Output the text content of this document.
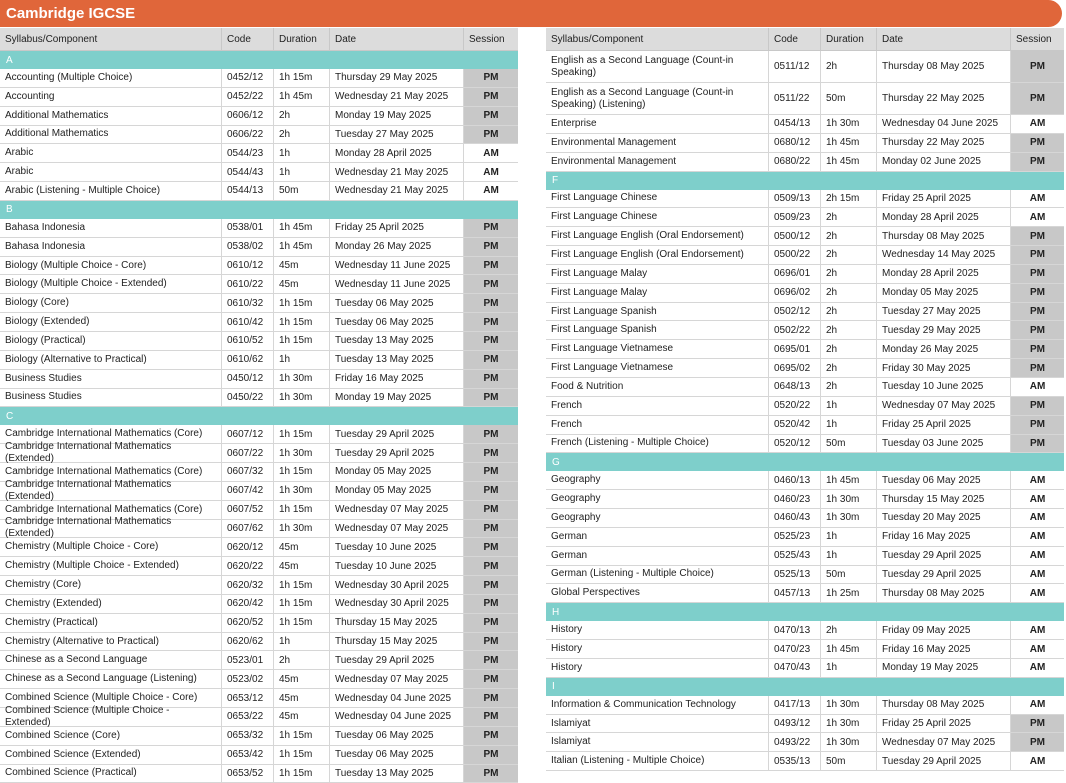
Cambridge IGCSE
Syllabus/Component	Code	Duration	Date	Session
A
Accounting (Multiple Choice)	0452/12 1h 15m Thursday 29 May 2025	PM
Accounting	0452/22 1h 45m Wednesday 21 May 2025	PM
Additional Mathematics	0606/12 2h	Monday 19 May 2025	PM
Additional Mathematics	0606/22 2h	Tuesday 27 May 2025	PM
Arabic	0544/23 1h	Monday 28 April 2025	AM
Arabic	0544/43 1h	Wednesday 21 May 2025	AM
Arabic (Listening - Multiple Choice)	0544/13 50m	Wednesday 21 May 2025	AM
B
Bahasa Indonesia	0538/01 1h 45m Friday 25 April 2025	PM
Bahasa Indonesia	0538/02 1h 45m Monday 26 May 2025	PM
Biology (Multiple Choice - Core)	0610/12 45m	Wednesday 11 June 2025	PM
Biology (Multiple Choice - Extended)	0610/22 45m	Wednesday 11 June 2025	PM
Biology (Core)	0610/32 1h 15m Tuesday 06 May 2025	PM
Biology (Extended)	0610/42 1h 15m Tuesday 06 May 2025	PM
Biology (Practical)	0610/52 1h 15m Tuesday 13 May 2025	PM
Biology (Alternative to Practical)	0610/62 1h	Tuesday 13 May 2025	PM
Business Studies	0450/12 1h 30m Friday 16 May 2025	PM
Business Studies	0450/22 1h 30m Monday 19 May 2025	PM
C
Cambridge International Mathematics (Core) 0607/12 1h 15m Tuesday 29 April 2025	PM
Cambridge International Mathematics (Extended)	0607/22 1h 30m Tuesday 29 April 2025	PM
Cambridge International Mathematics (Core) 0607/32 1h 15m Monday 05 May 2025	PM
Cambridge International Mathematics (Extended)	0607/42 1h 30m Monday 05 May 2025	PM
Cambridge International Mathematics (Core) 0607/52 1h 15m Wednesday 07 May 2025	PM
Cambridge International Mathematics (Extended)	0607/62 1h 30m Wednesday 07 May 2025	PM
Chemistry (Multiple Choice - Core)	0620/12 45m	Tuesday 10 June 2025	PM
Chemistry (Multiple Choice - Extended)	0620/22 45m	Tuesday 10 June 2025	PM
Chemistry (Core)	0620/32 1h 15m Wednesday 30 April 2025	PM
Chemistry (Extended)	0620/42 1h 15m Wednesday 30 April 2025	PM
Chemistry (Practical)	0620/52 1h 15m Thursday 15 May 2025	PM
Chemistry (Alternative to Practical)	0620/62 1h	Thursday 15 May 2025	PM
Chinese as a Second Language	0523/01 2h	Tuesday 29 April 2025	PM
Chinese as a Second Language (Listening)	0523/02 45m	Wednesday 07 May 2025	PM
Combined Science (Multiple Choice - Core)	0653/12 45m	Wednesday 04 June 2025	PM
Combined Science (Multiple Choice - Extended)	0653/22 45m	Wednesday 04 June 2025	PM
Combined Science (Core)	0653/32 1h 15m Tuesday 06 May 2025	PM
Combined Science (Extended)	0653/42 1h 15m Tuesday 06 May 2025	PM
Combined Science (Practical)	0653/52 1h 15m Tuesday 13 May 2025	PM
Syllabus/Component	Code	Duration	Date	Session
English as a Second Language (Count-in Speaking)	0511/12 2h	Thursday 08 May 2025	PM
English as a Second Language (Count-in Speaking) (Listening)	0511/22 50m	Thursday 22 May 2025	PM
Enterprise	0454/13 1h 30m Wednesday 04 June 2025	AM
Environmental Management	0680/12 1h 45m Thursday 22 May 2025	PM
Environmental Management	0680/22 1h 45m Monday 02 June 2025	PM
F
First Language Chinese	0509/13 2h 15m Friday 25 April 2025	AM
First Language Chinese	0509/23 2h	Monday 28 April 2025	AM
First Language English (Oral Endorsement)	0500/12 2h	Thursday 08 May 2025	PM
First Language English (Oral Endorsement)	0500/22 2h	Wednesday 14 May 2025	PM
First Language Malay	0696/01 2h	Monday 28 April 2025	PM
First Language Malay	0696/02 2h	Monday 05 May 2025	PM
First Language Spanish	0502/12 2h	Tuesday 27 May 2025	PM
First Language Spanish	0502/22 2h	Tuesday 29 May 2025	PM
First Language Vietnamese	0695/01 2h	Monday 26 May 2025	PM
First Language Vietnamese	0695/02 2h	Friday 30 May 2025	PM
Food & Nutrition	0648/13 2h	Tuesday 10 June 2025	AM
French	0520/22 1h	Wednesday 07 May 2025	PM
French	0520/42 1h	Friday 25 April 2025	PM
French (Listening - Multiple Choice)	0520/12 50m	Tuesday 03 June 2025	PM
G
Geography	0460/13 1h 45m Tuesday 06 May 2025	AM
Geography	0460/23 1h 30m Thursday 15 May 2025	AM
Geography	0460/43 1h 30m Tuesday 20 May 2025	AM
German	0525/23 1h	Friday 16 May 2025	AM
German	0525/43 1h	Tuesday 29 April 2025	AM
German (Listening - Multiple Choice)	0525/13 50m	Tuesday 29 April 2025	AM
Global Perspectives	0457/13 1h 25m Thursday 08 May 2025	AM
H
History	0470/13 2h	Friday 09 May 2025	AM
History	0470/23 1h 45m Friday 16 May 2025	AM
History	0470/43 1h	Monday 19 May 2025	AM
I
Information & Communication Technology	0417/13 1h 30m Thursday 08 May 2025	AM
Islamiyat	0493/12 1h 30m Friday 25 April 2025	PM
Islamiyat	0493/22 1h 30m Wednesday 07 May 2025	PM
Italian (Listening - Multiple Choice)	0535/13 50m	Tuesday 29 April 2025	AM
